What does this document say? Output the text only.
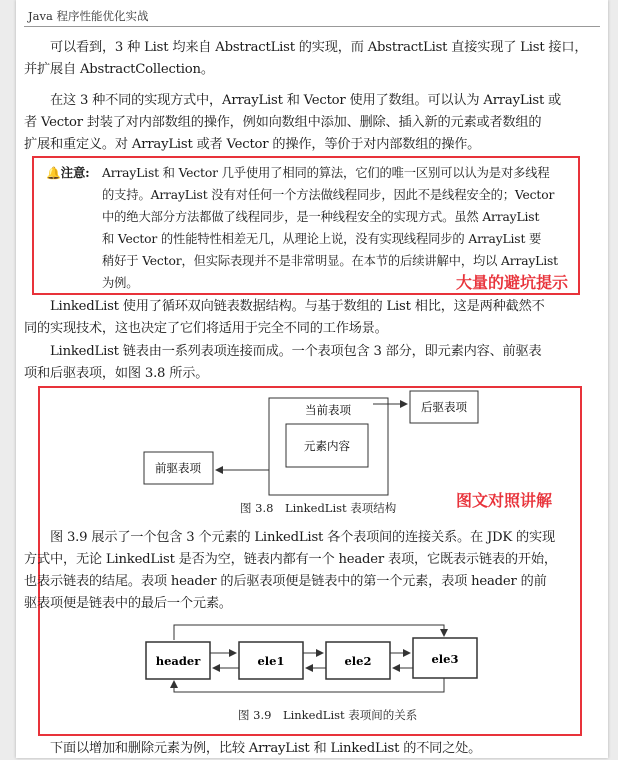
Java 程序性能优化实战
可以看到，3 种 List 均来自 AbstractList 的实现，而 AbstractList 直接实现了 List 接口，
并扩展自 AbstractCollection。
在这 3 种不同的实现方式中，ArrayList 和 Vector 使用了数组。可以认为 ArrayList 或
者 Vector 封装了对内部数组的操作，例如向数组中添加、删除、插入新的元素或者数组的
扩展和重定义。对 ArrayList 或者 Vector 的操作，等价于对内部数组的操作。
🔔注意: ArrayList 和 Vector 几乎使用了相同的算法，它们的唯一区别可以认为是对多线程
的支持。ArrayList 没有对任何一个方法做线程同步，因此不是线程安全的；Vector
中的绝大部分方法都做了线程同步，是一种线程安全的实现方式。虽然 ArrayList
和 Vector 的性能特性相差无几，从理论上说，没有实现线程同步的 ArrayList 要
稍好于 Vector，但实际表现并不是非常明显。在本节的后续讲解中，均以 ArrayList
为例。	大量的避坑提示
LinkedList 使用了循环双向链表数据结构。与基于数组的 List 相比，这是两种截然不
同的实现技术，这也决定了它们将适用于完全不同的工作场景。
LinkedList 链表由一系列表项连接而成。一个表项包含 3 部分，即元素内容、前驱表
项和后驱表项，如图 3.8 所示。
当前表项
元素内容
后驱表项
前驱表项
图 3.8　LinkedList 表项结构	图文对照讲解
图 3.9 展示了一个包含 3 个元素的 LinkedList 各个表项间的连接关系。在 JDK 的实现
方式中，无论 LinkedList 是否为空，链表内都有一个 header 表项，它既表示链表的开始，
也表示链表的结尾。表项 header 的后驱表项便是链表中的第一个元素，表项 header 的前
驱表项便是链表中的最后一个元素。
header	ele1	ele2	ele3
图 3.9　LinkedList 表项间的关系
下面以增加和删除元素为例，比较 ArrayList 和 LinkedList 的不同之处。
